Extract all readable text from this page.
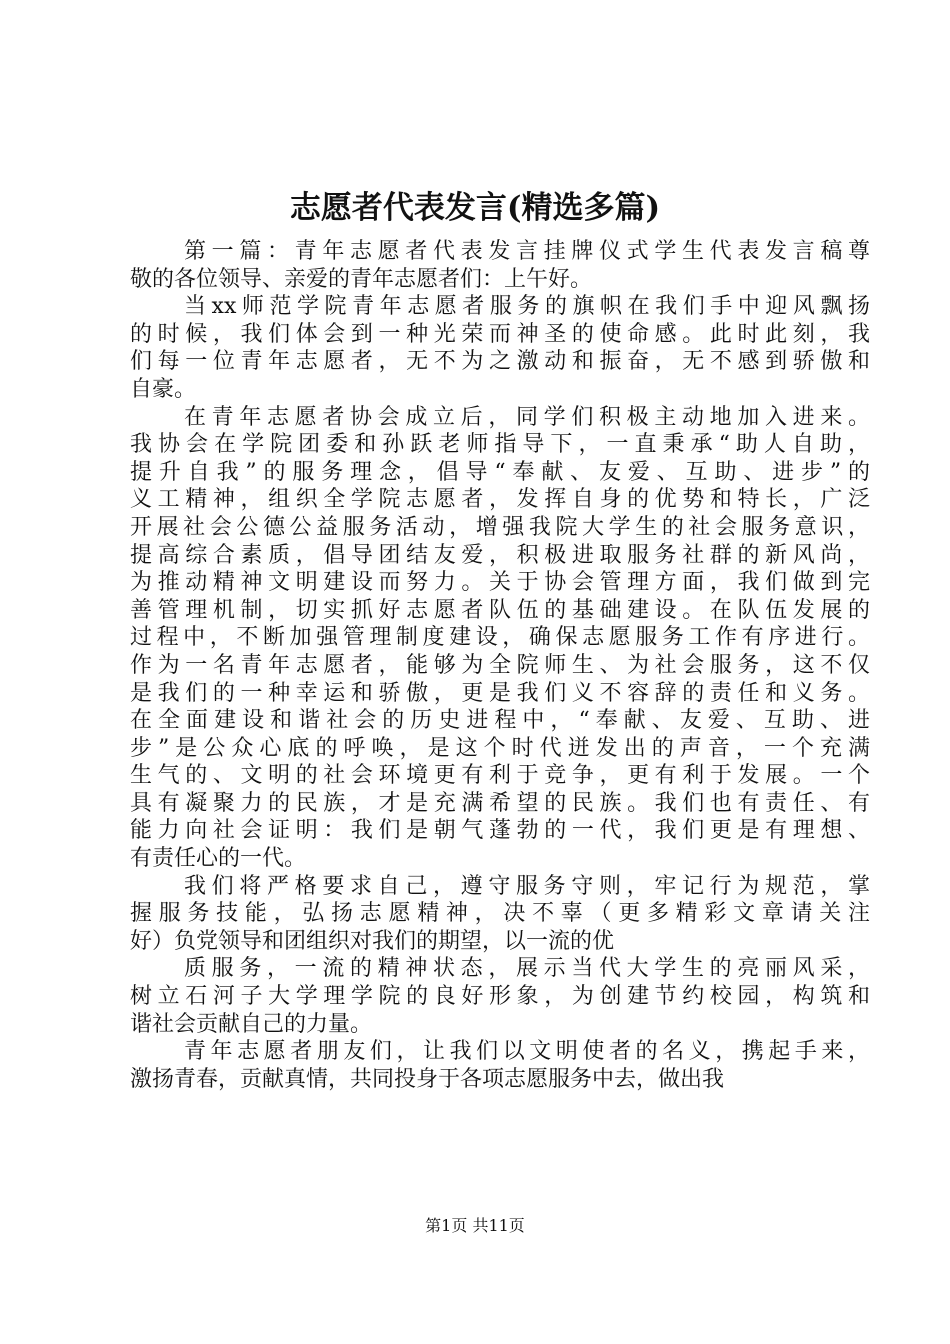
志愿者代表发言(精选多篇)

第一篇：青年志愿者代表发言挂牌仪式学生代表发言稿尊
敬的各位领导、亲爱的青年志愿者们：上午好。

当xx师范学院青年志愿者服务的旗帜在我们手中迎风飘扬
的时候，我们体会到一种光荣而神圣的使命感。此时此刻，我
们每一位青年志愿者，无不为之激动和振奋，无不感到骄傲和
自豪。

在青年志愿者协会成立后，同学们积极主动地加入进来。
我协会在学院团委和孙跃老师指导下，一直秉承“助人自助，
提升自我”的服务理念，倡导“奉献、友爱、互助、进步”的
义工精神，组织全学院志愿者，发挥自身的优势和特长，广泛
开展社会公德公益服务活动，增强我院大学生的社会服务意识，
提高综合素质，倡导团结友爱，积极进取服务社群的新风尚，
为推动精神文明建设而努力。关于协会管理方面，我们做到完
善管理机制，切实抓好志愿者队伍的基础建设。在队伍发展的
过程中，不断加强管理制度建设，确保志愿服务工作有序进行。
作为一名青年志愿者，能够为全院师生、为社会服务，这不仅
是我们的一种幸运和骄傲，更是我们义不容辞的责任和义务。
在全面建设和谐社会的历史进程中，“奉献、友爱、互助、进
步”是公众心底的呼唤，是这个时代迸发出的声音，一个充满
生气的、文明的社会环境更有利于竞争，更有利于发展。一个
具有凝聚力的民族，才是充满希望的民族。我们也有责任、有
能力向社会证明：我们是朝气蓬勃的一代，我们更是有理想、
有责任心的一代。

我们将严格要求自己，遵守服务守则，牢记行为规范，掌
握服务技能，弘扬志愿精神，决不辜（更多精彩文章请关注
好）负党领导和团组织对我们的期望，以一流的优

质服务，一流的精神状态，展示当代大学生的亮丽风采，
树立石河子大学理学院的良好形象，为创建节约校园，构筑和
谐社会贡献自己的力量。

青年志愿者朋友们，让我们以文明使者的名义，携起手来，
激扬青春，贡献真情，共同投身于各项志愿服务中去，做出我

第1页 共11页
